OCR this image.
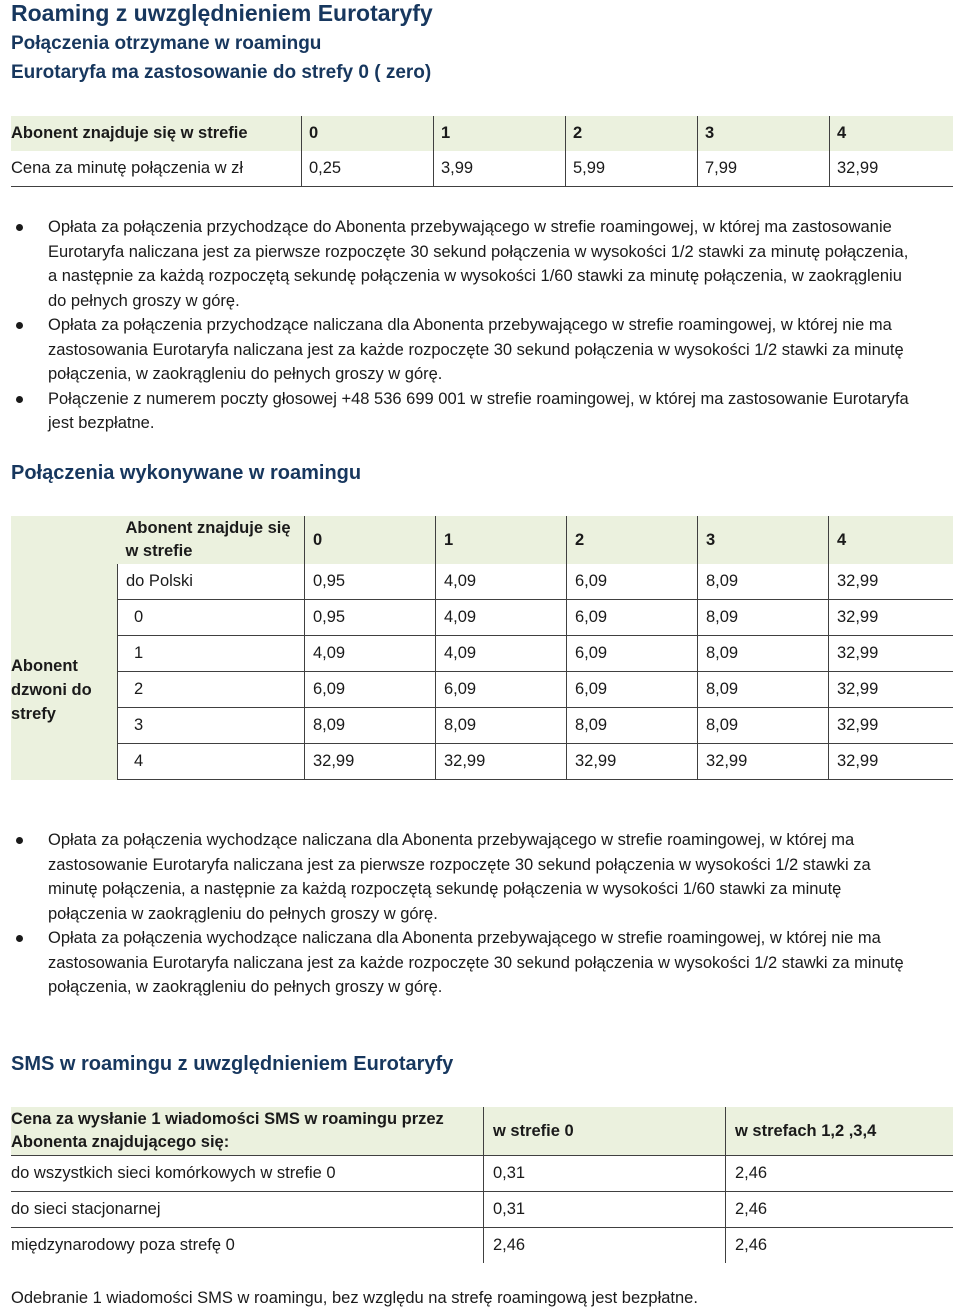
Roaming z uwzględnieniem Eurotaryfy
Połączenia otrzymane w roamingu
Eurotaryfa ma zastosowanie do strefy 0 ( zero)
Abonent znajduje się w strefie	0	1	2	3	4
Cena za minutę połączenia w zł	0,25	3,99	5,99	7,99	32,99
Opłata za połączenia przychodzące do Abonenta przebywającego w strefie roamingowej, w której ma zastosowanie Eurotaryfa naliczana jest za pierwsze rozpoczęte 30 sekund połączenia w wysokości 1/2 stawki za minutę połączenia, a następnie za każdą rozpoczętą sekundę połączenia w wysokości 1/60 stawki za minutę połączenia, w zaokrągleniu do pełnych groszy w górę.
Opłata za połączenia przychodzące naliczana dla Abonenta przebywającego w strefie roamingowej, w której nie ma zastosowania Eurotaryfa naliczana jest za każde rozpoczęte 30 sekund połączenia w wysokości 1/2 stawki za minutę połączenia, w zaokrągleniu do pełnych groszy w górę.
Połączenie z numerem poczty głosowej +48 536 699 001 w strefie roamingowej, w której ma zastosowanie Eurotaryfa jest bezpłatne.
Połączenia wykonywane w roamingu
	Abonent znajduje się w strefie	0	1	2	3	4
	do Polski	0,95	4,09	6,09	8,09	32,99
Abonent dzwoni do strefy	0	0,95	4,09	6,09	8,09	32,99
	1	4,09	4,09	6,09	8,09	32,99
	2	6,09	6,09	6,09	8,09	32,99
	3	8,09	8,09	8,09	8,09	32,99
	4	32,99	32,99	32,99	32,99	32,99
Opłata za połączenia wychodzące naliczana dla Abonenta przebywającego w strefie roamingowej, w której ma zastosowanie Eurotaryfa naliczana jest za pierwsze rozpoczęte 30 sekund połączenia w wysokości 1/2 stawki za minutę połączenia, a następnie za każdą rozpoczętą sekundę połączenia w wysokości 1/60 stawki za minutę połączenia w zaokrągleniu do pełnych groszy w górę.
Opłata za połączenia wychodzące naliczana dla Abonenta przebywającego w strefie roamingowej, w której nie ma zastosowania Eurotaryfa naliczana jest za każde rozpoczęte 30 sekund połączenia w wysokości 1/2 stawki za minutę połączenia, w zaokrągleniu do pełnych groszy w górę.
SMS w roamingu z uwzględnieniem Eurotaryfy
Cena za wysłanie 1 wiadomości SMS w roamingu przez Abonenta znajdującego się:	w strefie 0	w strefach 1,2 ,3,4
do wszystkich sieci komórkowych w strefie 0	0,31	2,46
do sieci stacjonarnej	0,31	2,46
międzynarodowy poza strefę 0	2,46	2,46
Odebranie 1 wiadomości SMS w roamingu, bez względu na strefę roamingową jest bezpłatne.
